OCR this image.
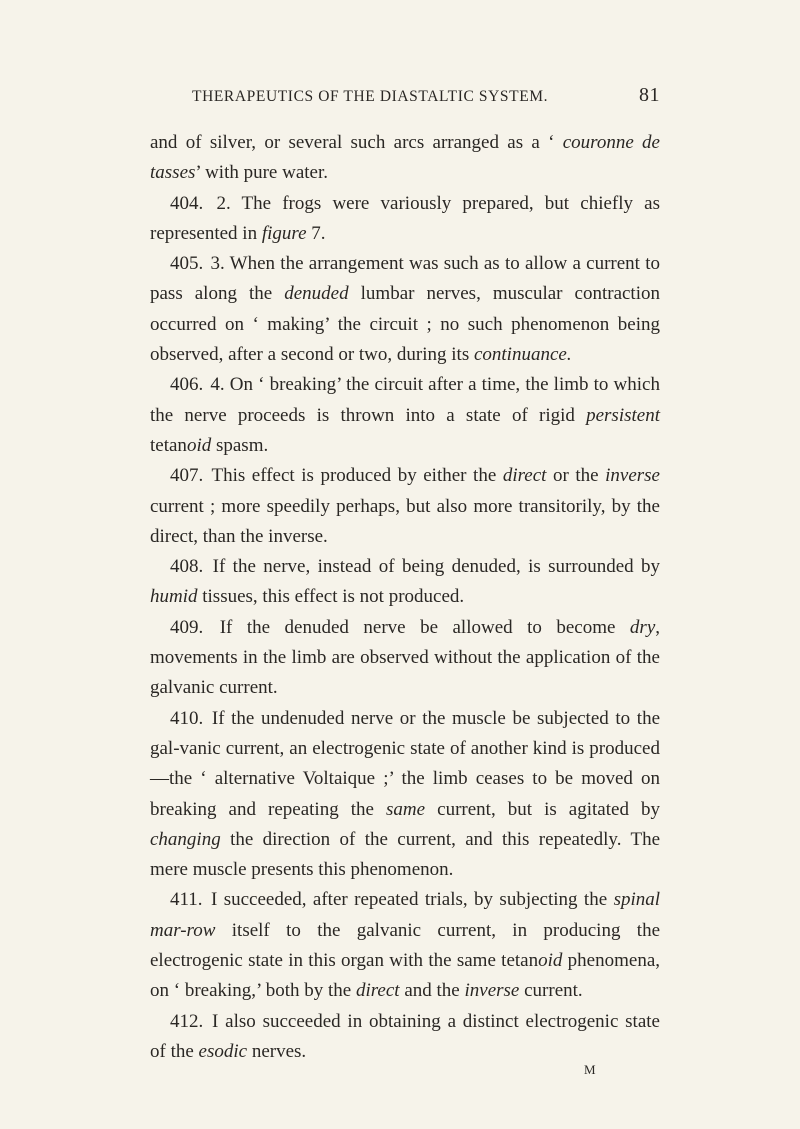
THERAPEUTICS OF THE DIASTALTIC SYSTEM.	81

and of silver, or several such arcs arranged as a ‘ couronne de tasses’ with pure water.

404. 2. The frogs were variously prepared, but chiefly as represented in figure 7.

405. 3. When the arrangement was such as to allow a current to pass along the denuded lumbar nerves, muscular contraction occurred on ‘ making’ the circuit ; no such phenomenon being observed, after a second or two, during its continuance.

406. 4. On ‘ breaking’ the circuit after a time, the limb to which the nerve proceeds is thrown into a state of rigid persistent tetanoid spasm.

407. This effect is produced by either the direct or the inverse current ; more speedily perhaps, but also more transitorily, by the direct, than the inverse.

408. If the nerve, instead of being denuded, is surrounded by humid tissues, this effect is not produced.

409. If the denuded nerve be allowed to become dry, movements in the limb are observed without the application of the galvanic current.

410. If the undenuded nerve or the muscle be subjected to the gal-vanic current, an electrogenic state of another kind is produced—the ‘ alternative Voltaique ;’ the limb ceases to be moved on breaking and repeating the same current, but is agitated by changing the direction of the current, and this repeatedly. The mere muscle presents this phenomenon.

411. I succeeded, after repeated trials, by subjecting the spinal mar-row itself to the galvanic current, in producing the electrogenic state in this organ with the same tetanoid phenomena, on ‘ breaking,’ both by the direct and the inverse current.

412. I also succeeded in obtaining a distinct electrogenic state of the esodic nerves.

M
